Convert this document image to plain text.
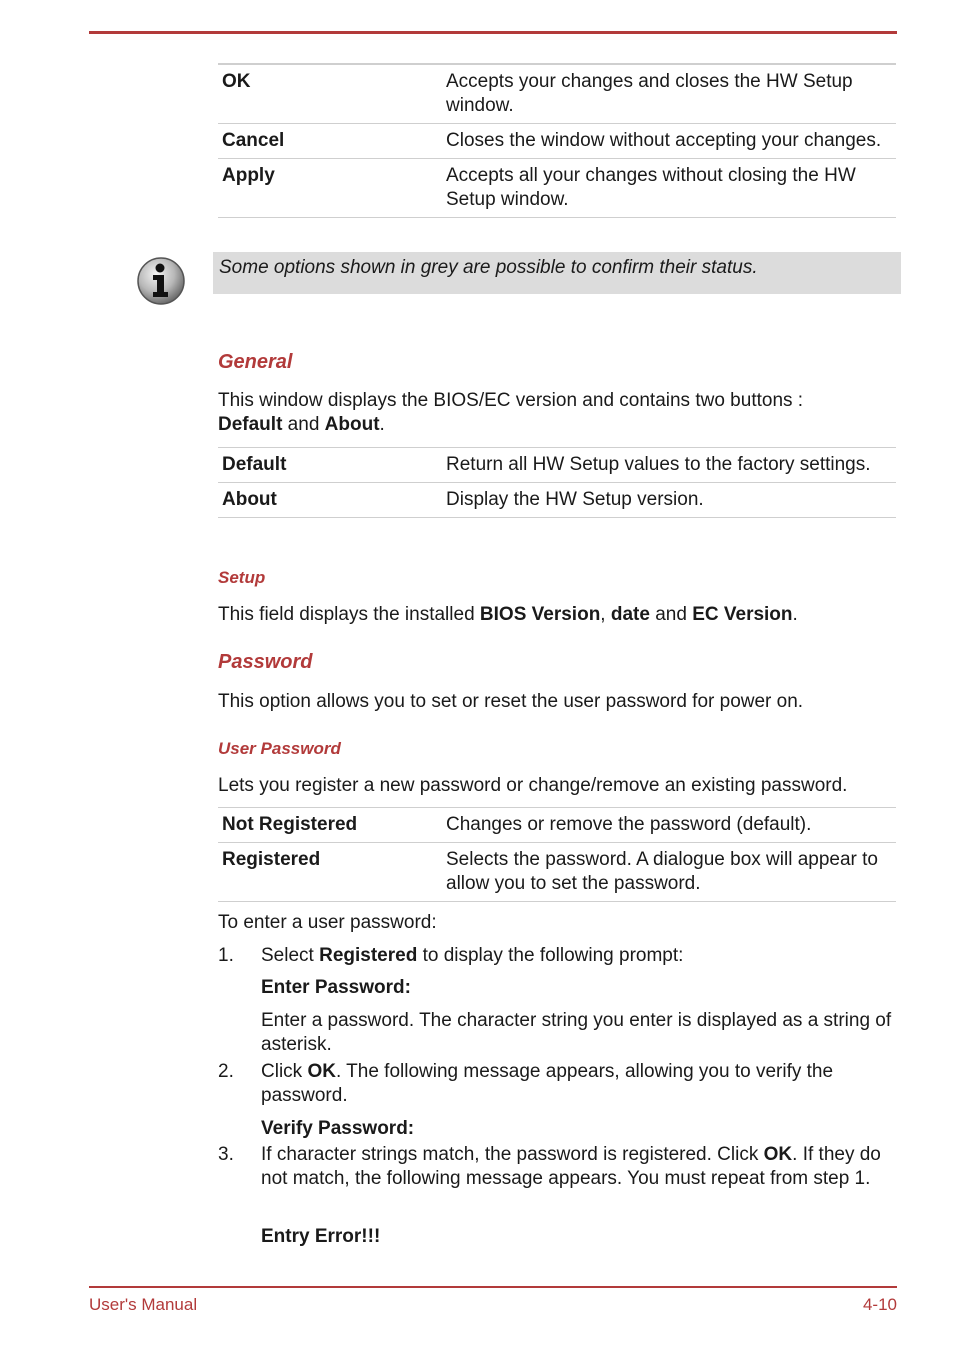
OK	Accepts your changes and closes the HW Setup window.
Cancel	Closes the window without accepting your changes.
Apply	Accepts all your changes without closing the HW Setup window.
Some options shown in grey are possible to confirm their status.
General
This window displays the BIOS/EC version and contains two buttons :
Default and About.
Default	Return all HW Setup values to the factory settings.
About	Display the HW Setup version.
Setup
This field displays the installed BIOS Version, date and EC Version.
Password
This option allows you to set or reset the user password for power on.
User Password
Lets you register a new password or change/remove an existing password.
Not Registered	Changes or remove the password (default).
Registered	Selects the password. A dialogue box will appear to allow you to set the password.
To enter a user password:
1. Select Registered to display the following prompt:
Enter Password:
Enter a password. The character string you enter is displayed as a string of asterisk.
2. Click OK. The following message appears, allowing you to verify the password.
Verify Password:
3. If character strings match, the password is registered. Click OK. If they do not match, the following message appears. You must repeat from step 1.
Entry Error!!!
User's Manual	4-10
